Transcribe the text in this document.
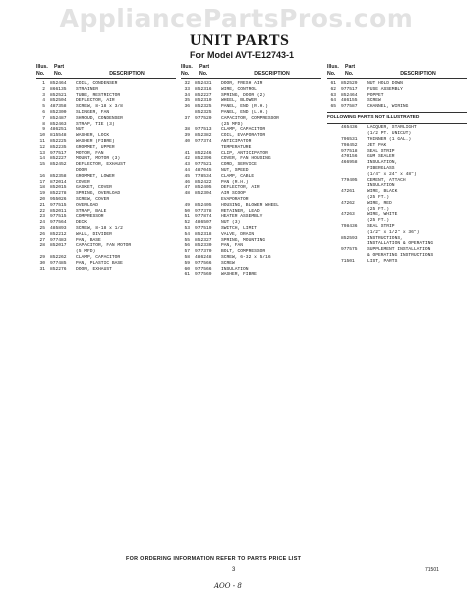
AppliancePartsPros.com
UNIT PARTS
For Model AVT-E12743-1
Illus.	Part
No.	No.	DESCRIPTION
1	852464	COIL, CONDENSER
2	866135	STRAINER
3	852521	TUBE, RESTRICTOR
4	852504	DEFLECTOR, AIR
5	487358	SCREW, 8-18 x 3/8
6	852300	SLINGER, FAN
7	852487	SHROUD, CONDENSER
8	852463	STRAP, TIE (3)
9	486251	NUT
10	815548	WASHER, LOCK
11	852225	WASHER (FIBRE)
12	852235	GROMMET, UPPER
13	977517	MOTOR, FAN
14	852227	MOUNT, MOTOR (3)
15	852452	DEFLECTOR, EXHAUST
DOOR
16	852358	GROMMET, LOWER
17	872014	COVER
18	852015	GASKET, COVER
19	852278	SPRING, OVERLOAD
20	955026	SCREW, COVER
21	977515	OVERLOAD
22	852011	STRAP, BALE
23	977515	COMPRESSOR
24	977564	DECK
25	485893	SCREW, 8-18 x 1/2
26	852212	WALL, DIVIDER
27	977483	PAN, BASE
28	852017	CAPACITOR, FAN MOTOR
(5 MFD)
29	852262	CLAMP, CAPACITOR
30	977485	PAN, PLASTIC BASE
31	852276	DOOR, EXHAUST
Illus.	Part
No.	No.	DESCRIPTION
32	852431	DOOR, FRESH AIR
33	852316	WIRE, CONTROL
34	852227	SPRING, DOOR (2)
35	852310	WHEEL, BLOWER
36	852325	PANEL, END (R.H.)
852325	PANEL, END (L.H.)
37	977520	CAPACITOR, COMPRESSOR
(25 MFD)
38	977513	CLAMP, CAPACITOR
39	852382	COIL, EVAPORATOR
40	977374	ANTICIPATOR
TEMPERATURE
41	852246	CLIP, ANTICIPATOR
42	852396	COVER, FAN HOUSING
43	977521	CORD, SERVICE
44	487045	NUT, SPEED
45	778534	CLAMP, CABLE
46	852422	PAN (R.H.)
47	852405	DEFLECTOR, AIR
48	852304	AIR SCOOP
EVAPORATOR
49	852405	HOUSING, BLOWER WHEEL
50	977378	RETAINER, LEAD
51	977874	HEATER ASSEMBLY
52	486507	NUT (3)
53	977519	SWITCH, LIMIT
54	852318	VALVE, DRAIN
55	852327	SPRING, MOUNTING
56	852330	PAN, FAN
57	977370	BOLT, COMPRESSOR
58	486248	SCREW, 6-32 x 5/16
59	977566	SCREW
60	977566	INSULATION
61	977569	WASHER, FIBRE
Illus.	Part
No.	No.	DESCRIPTION
61	852529	NUT HOLD DOWN
62	977517	FUSE ASSEMBLY
63	852464	POPPET
64	486155	SCREW
65	977587	CHANNEL, WIRING
FOLLOWING PARTS NOT ILLUSTRATED
465436	LACQUER, STARLIGHT
(1/2 PT. UNICUT)
796531	THINNER (1 GAL.)
798452	JET PAK
977518	SEAL STRIP
470156	GUM SEALER
466958	INSULATION,
FIBERGLASS
(1/4" x 24" x 48")
779405	CEMENT, ATTACH
INSULATION
47261	WIRE, BLACK
(25 FT.)
47262	WIRE, RED
(25 FT.)
47263	WIRE, WHITE
(25 FT.)
798436	SEAL STRIP
(1/2" x 1/2" x 36")
852593	INSTRUCTIONS,
INSTALLATION & OPERATING
977575	SUPPLEMENT INSTALLATION
& OPERATING INSTRUCTIONS
71501	LIST, PARTS
FOR ORDERING INFORMATION REFER TO PARTS PRICE LIST
3	71501
AOO - 8
